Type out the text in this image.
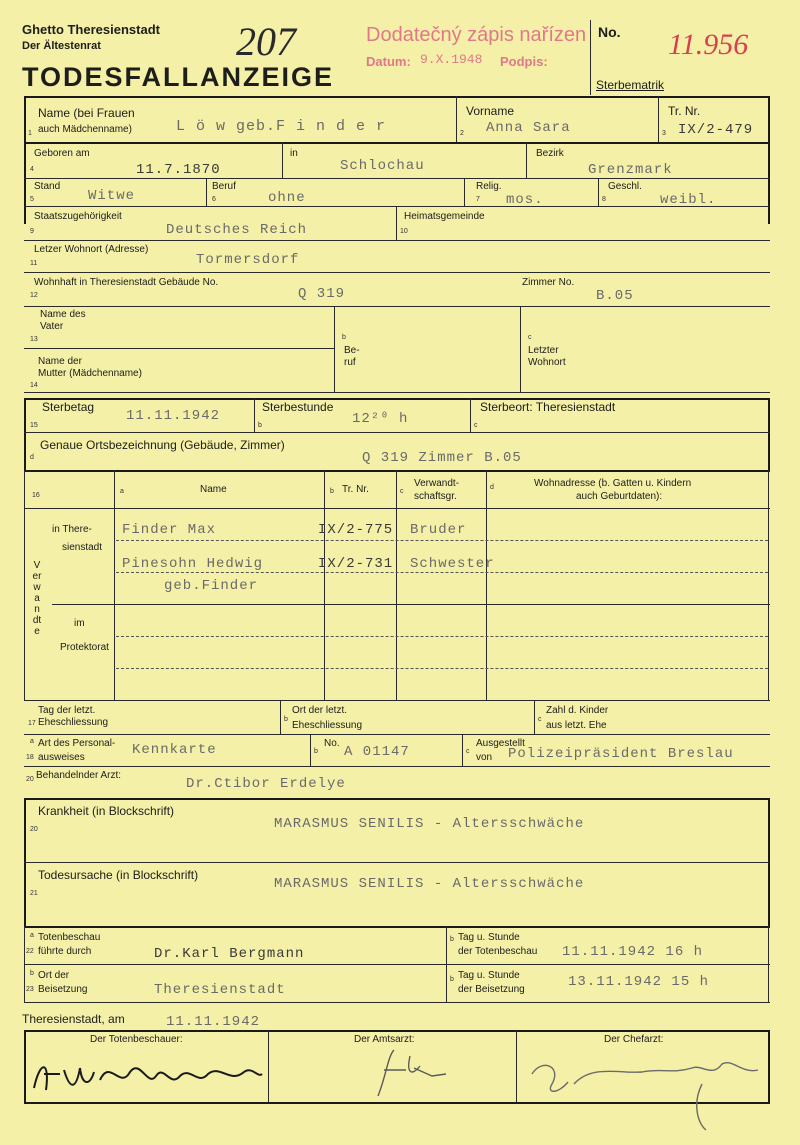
Ghetto Theresienstadt
Der Ältestenrat
TODESFALLANZEIGE
207	Dodatečný zápis nařízen
Datum: 9.X.1948 Podpis:
No.
Sterbematrik
11.956
Name (bei Frauen
auch Mädchenname)
1	L ö w geb.F i n d e r
Vorname
2 Anna Sara
Tr. Nr.
3 IX/2-479
Geboren am
4	11.7.1870
in
Schlochau
Bezirk
Grenzmark
Stand
5	Witwe
Beruf
6	ohne
Relig.
7 mos.
Geschl.
8	weibl.
Staatszugehörigkeit
9	Deutsches Reich
Heimatsgemeinde
10
Letzer Wohnort (Adresse)
11	Tormersdorf
Wohnhaft in Theresienstadt Gebäude No.
12	Q 319
Zimmer No.
B.05
Name des
Vater
13
Name der
Mutter (Mädchenname)
14
b
Be-
ruf
c
Letzter
Wohnort
Sterbetag
15
11.11.1942
Sterbestunde
b	12²⁰ h
Sterbeort: Theresienstadt
c
Genaue Ortsbezeichnung (Gebäude, Zimmer)
d	Q 319 Zimmer B.05
16
a	Name	b Tr. Nr.	c
Verwandt-
schaftsgr.
d	Wohnadresse (b. Gatten u. Kindern
auch Geburtdaten):
Verwandte
in There-
sienstadt
im
Protektorat
Finder Max	IX/2-775 Bruder
Pinesohn Hedwig	IX/2-731 Schwester
geb.Finder
Tag der letzt.
17 Eheschliessung	b
Ort der letzt.
Eheschliessung
c
Zahl d. Kinder
aus letzt. Ehe
a Art des Personal-
18 ausweises	Kennkarte	b
No.
A 01147	c
Ausgestellt
von Polizeipräsident Breslau
20 Behandelnder Arzt:
Dr.Ctibor Erdelye
Krankheit (in Blockschrift)
20	MARASMUS SENILIS - Altersschwäche
Todesursache (in Blockschrift)
21
MARASMUS SENILIS - Altersschwäche
a Totenbeschau
22 führte durch	Dr.Karl Bergmann
b Tag u. Stunde
der Totenbeschau 11.11.1942 16 h
b Ort der
23 Beisetzung	Theresienstadt
b Tag u. Stunde
der Beisetzung	13.11.1942 15 h
Theresienstadt, am	11.11.1942
Der Totenbeschauer:	Der Amtsarzt:	Der Chefarzt:
